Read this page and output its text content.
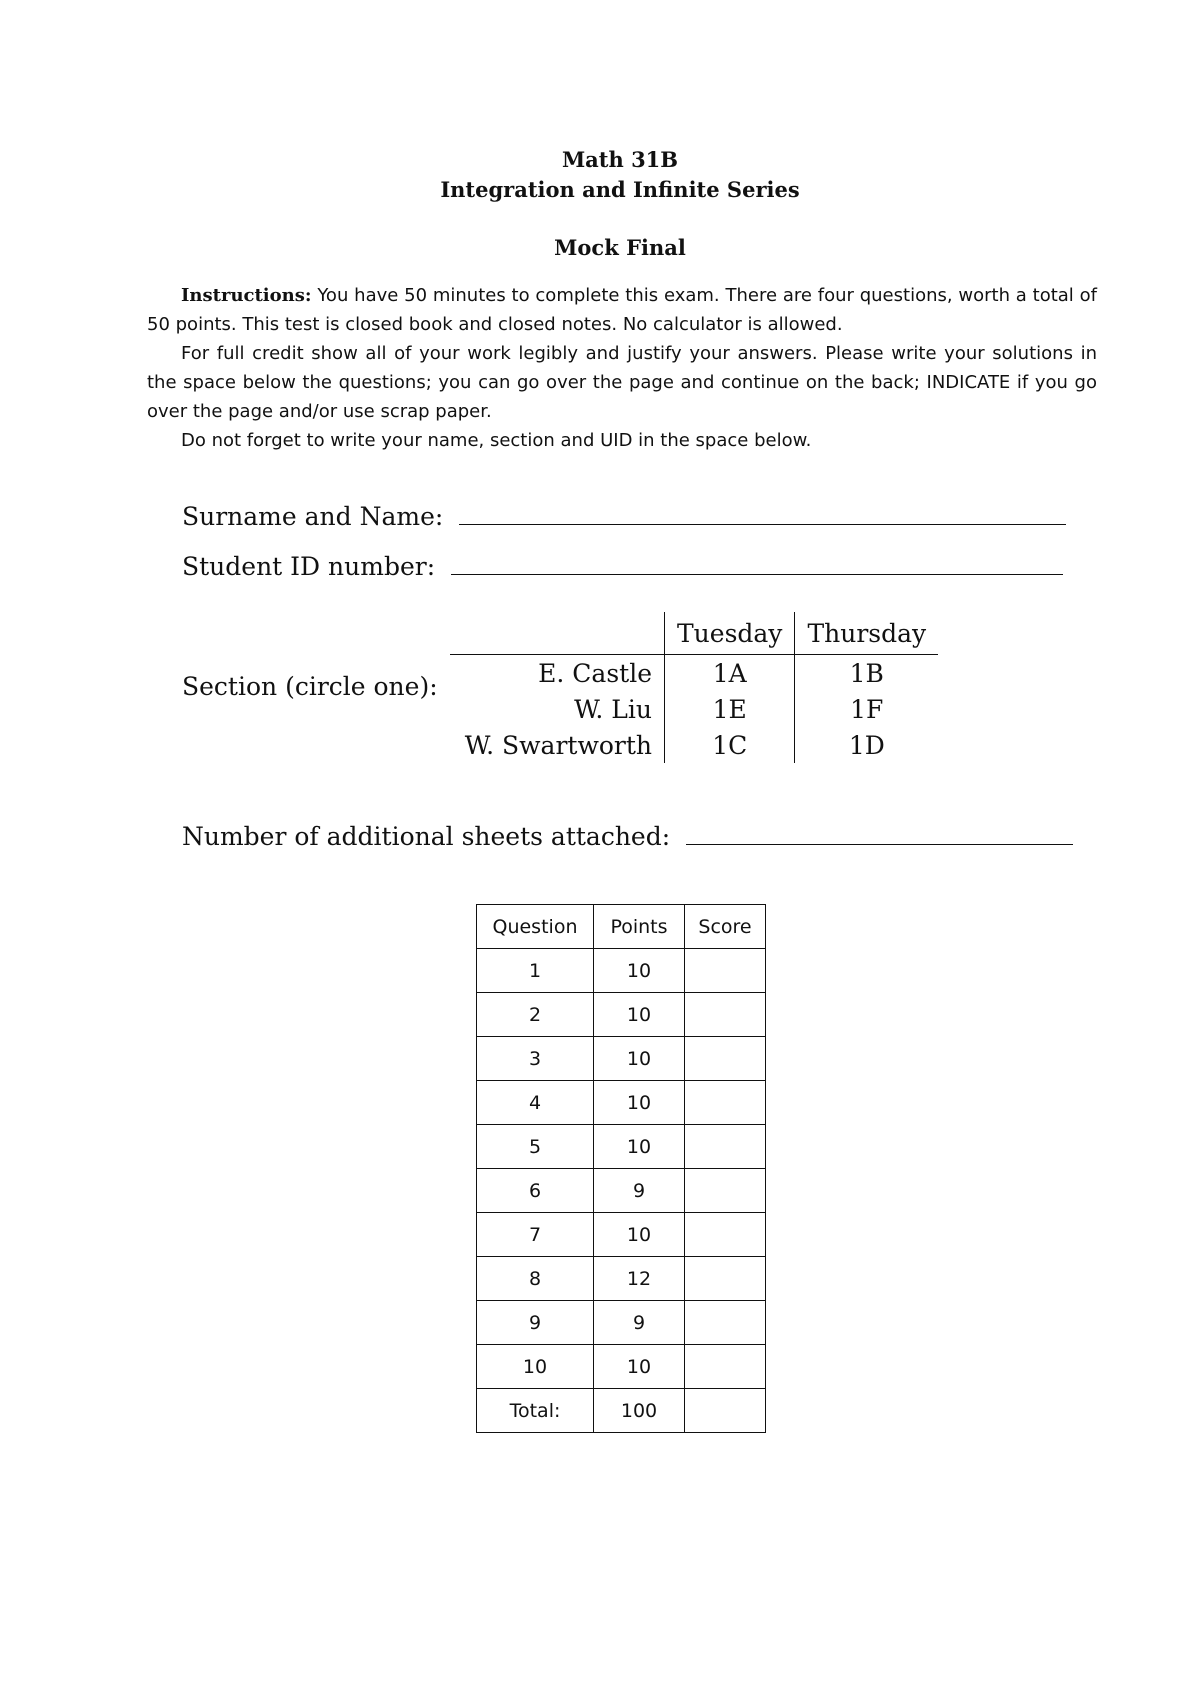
Math 31B
Integration and Infinite Series
Mock Final

Instructions: You have 50 minutes to complete this exam. There are four questions, worth a total of 50 points. This test is closed book and closed notes. No calculator is allowed.

For full credit show all of your work legibly and justify your answers. Please write your solutions in the space below the questions; you can go over the page and continue on the back; INDICATE if you go over the page and/or use scrap paper.

Do not forget to write your name, section and UID in the space below.

Surname and Name:
Student ID number:
Section (circle one):
	Tuesday	Thursday
E. Castle	1A	1B
W. Liu	1E	1F
W. Swartworth	1C	1D
Number of additional sheets attached:
Question	Points	Score
1	10	
2	10	
3	10	
4	10	
5	10	
6	9	
7	10	
8	12	
9	9	
10	10	
Total:	100	
